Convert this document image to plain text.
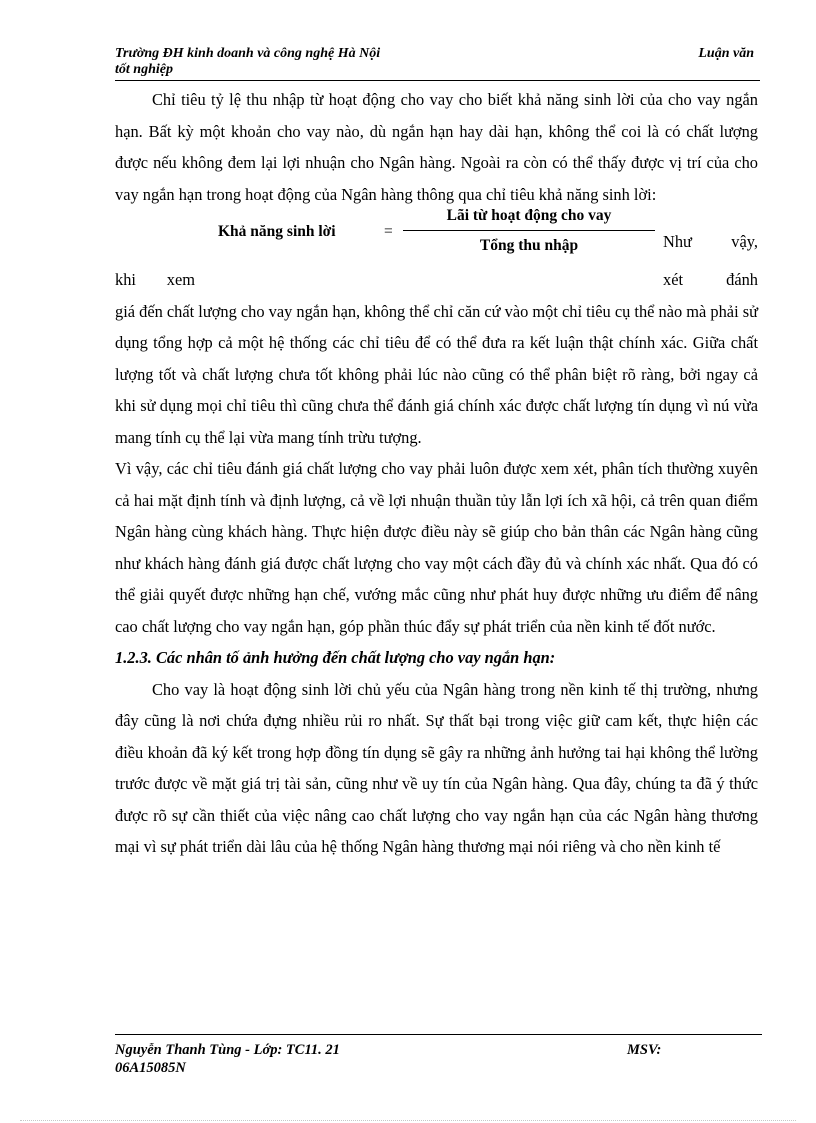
Trường ĐH kinh doanh và công nghệ Hà Nội
tốt nghiệp
Luận văn

Chỉ tiêu tỷ lệ thu nhập từ hoạt động cho vay cho biết khả năng sinh lời của cho vay ngắn hạn. Bất kỳ một khoản cho vay nào, dù ngắn hạn hay dài hạn, không thể coi là có chất lượng được nếu không đem lại lợi nhuận cho Ngân hàng. Ngoài ra còn có thể thấy được vị trí của cho vay ngắn hạn trong hoạt động của Ngân hàng thông qua chỉ tiêu khả năng sinh lời:

Khả năng sinh lời	=
Lãi từ hoạt động cho vay
Tổng thu nhập	Như vậy,
khi xem	xét	đánh

giá đến chất lượng cho vay ngắn hạn, không thể chỉ căn cứ vào một chỉ tiêu cụ thể nào mà phải sử dụng tổng hợp cả một hệ thống các chỉ tiêu để có thể đưa ra kết luận thật chính xác. Giữa chất lượng tốt và chất lượng chưa tốt không phải lúc nào cũng có thể phân biệt rõ ràng, bởi ngay cả khi sử dụng mọi chỉ tiêu thì cũng chưa thể đánh giá chính xác được chất lượng tín dụng vì nú vừa mang tính cụ thể lại vừa mang tính trừu tượng.

Vì vậy, các chỉ tiêu đánh giá chất lượng cho vay phải luôn được xem xét, phân tích thường xuyên cả hai mặt định tính và định lượng, cả về lợi nhuận thuần tủy lẫn lợi ích xã hội, cả trên quan điểm Ngân hàng cùng khách hàng. Thực hiện được điều này sẽ giúp cho bản thân các Ngân hàng cũng như khách hàng đánh giá được chất lượng cho vay một cách đầy đủ và chính xác nhất. Qua đó có thể giải quyết được những hạn chế, vướng mắc cũng như phát huy được những ưu điểm để nâng cao chất lượng cho vay ngắn hạn, góp phần thúc đẩy sự phát triển của nền kinh tế đốt nước.

1.2.3. Các nhân tố ảnh hưởng đến chất lượng cho vay ngắn hạn:

Cho vay là hoạt động sinh lời chủ yếu của Ngân hàng trong nền kinh tế thị trường, nhưng đây cũng là nơi chứa đựng nhiều rủi ro nhất. Sự thất bại trong việc giữ cam kết, thực hiện các điều khoản đã ký kết trong hợp đồng tín dụng sẽ gây ra những ảnh hưởng tai hại không thể lường trước được về mặt giá trị tài sản, cũng như về uy tín của Ngân hàng. Qua đây, chúng ta đã ý thức được rõ sự cần thiết của việc nâng cao chất lượng cho vay ngắn hạn của các Ngân hàng thương mại vì sự phát triển dài lâu của hệ thống Ngân hàng thương mại nói riêng và cho nền kinh tế

Nguyễn Thanh Tùng - Lớp: TC11. 21
06A15085N
MSV:
